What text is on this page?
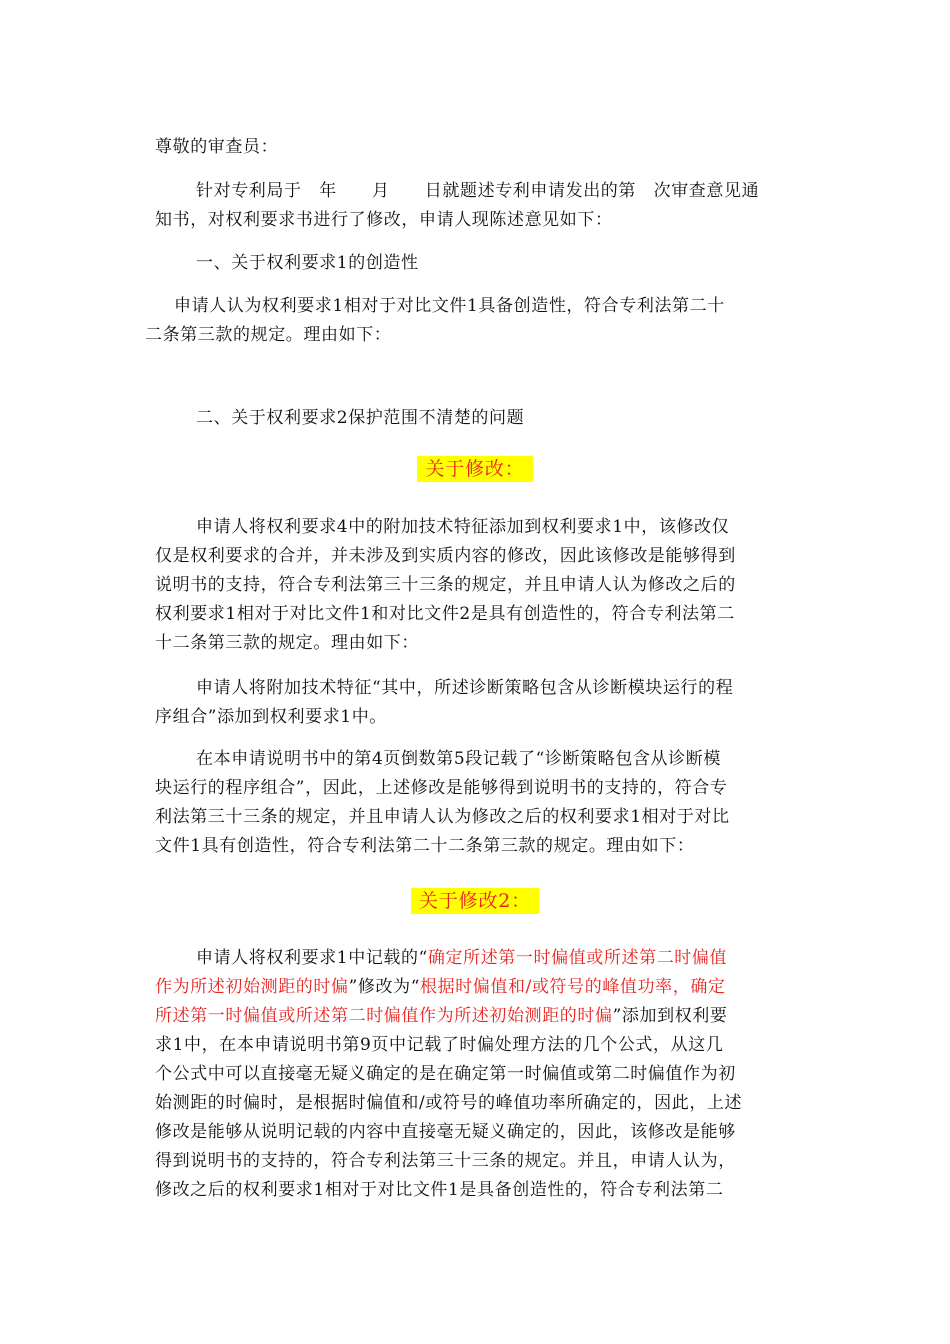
尊敬的审查员：
针对专利局于　年　　月　　日就题述专利申请发出的第　次审查意见通
知书，对权利要求书进行了修改，申请人现陈述意见如下：
一、关于权利要求1的创造性
申请人认为权利要求1相对于对比文件1具备创造性，符合专利法第二十
二条第三款的规定。理由如下：
二、关于权利要求2保护范围不清楚的问题
关于修改：
申请人将权利要求4中的附加技术特征添加到权利要求1中，该修改仅
仅是权利要求的合并，并未涉及到实质内容的修改，因此该修改是能够得到
说明书的支持，符合专利法第三十三条的规定，并且申请人认为修改之后的
权利要求1相对于对比文件1和对比文件2是具有创造性的，符合专利法第二
十二条第三款的规定。理由如下：
申请人将附加技术特征“其中，所述诊断策略包含从诊断模块运行的程
序组合”添加到权利要求1中。
在本申请说明书中的第4页倒数第5段记载了“诊断策略包含从诊断模
块运行的程序组合”，因此，上述修改是能够得到说明书的支持的，符合专
利法第三十三条的规定，并且申请人认为修改之后的权利要求1相对于对比
文件1具有创造性，符合专利法第二十二条第三款的规定。理由如下：
关于修改2：
申请人将权利要求1中记载的“确定所述第一时偏值或所述第二时偏值
作为所述初始测距的时偏”修改为“根据时偏值和/或符号的峰值功率，确定
所述第一时偏值或所述第二时偏值作为所述初始测距的时偏”添加到权利要
求1中，在本申请说明书第9页中记载了时偏处理方法的几个公式，从这几
个公式中可以直接毫无疑义确定的是在确定第一时偏值或第二时偏值作为初
始测距的时偏时，是根据时偏值和/或符号的峰值功率所确定的，因此，上述
修改是能够从说明记载的内容中直接毫无疑义确定的，因此，该修改是能够
得到说明书的支持的，符合专利法第三十三条的规定。并且，申请人认为，
修改之后的权利要求1相对于对比文件1是具备创造性的，符合专利法第二
